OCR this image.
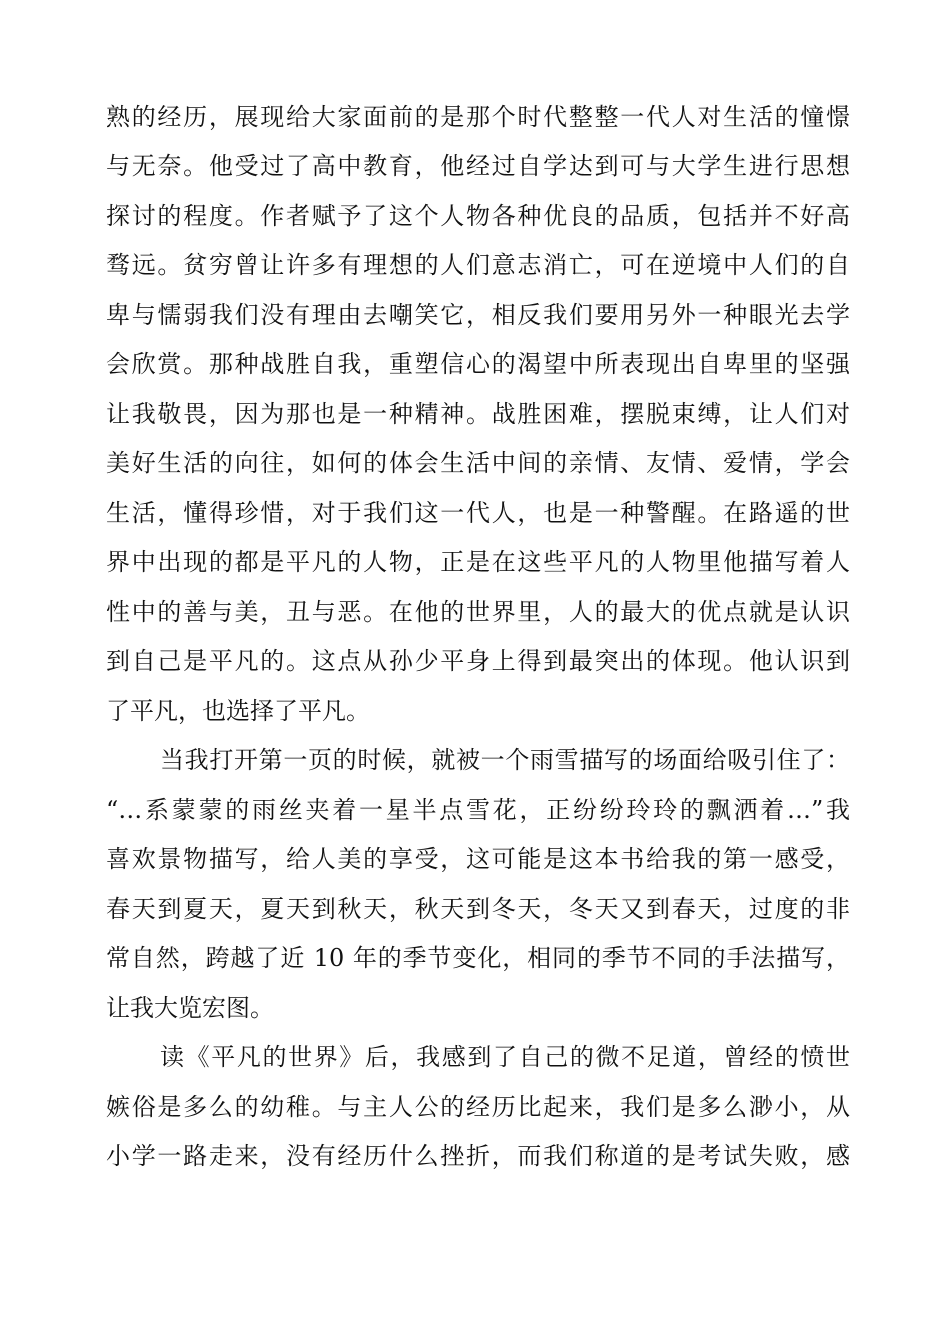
熟的经历，展现给大家面前的是那个时代整整一代人对生活的憧憬
与无奈。他受过了高中教育，他经过自学达到可与大学生进行思想
探讨的程度。作者赋予了这个人物各种优良的品质，包括并不好高
骛远。贫穷曾让许多有理想的人们意志消亡，可在逆境中人们的自
卑与懦弱我们没有理由去嘲笑它，相反我们要用另外一种眼光去学
会欣赏。那种战胜自我，重塑信心的渴望中所表现出自卑里的坚强
让我敬畏，因为那也是一种精神。战胜困难，摆脱束缚，让人们对
美好生活的向往，如何的体会生活中间的亲情、友情、爱情，学会
生活，懂得珍惜，对于我们这一代人，也是一种警醒。在路遥的世
界中出现的都是平凡的人物，正是在这些平凡的人物里他描写着人
性中的善与美，丑与恶。在他的世界里，人的最大的优点就是认识
到自己是平凡的。这点从孙少平身上得到最突出的体现。他认识到
了平凡，也选择了平凡。
当我打开第一页的时候，就被一个雨雪描写的场面给吸引住了：
“…系蒙蒙的雨丝夹着一星半点雪花，正纷纷玲玲的飘洒着…”我
喜欢景物描写，给人美的享受，这可能是这本书给我的第一感受，
春天到夏天，夏天到秋天，秋天到冬天，冬天又到春天，过度的非
常自然，跨越了近 10 年的季节变化，相同的季节不同的手法描写，
让我大览宏图。
读《平凡的世界》后，我感到了自己的微不足道，曾经的愤世
嫉俗是多么的幼稚。与主人公的经历比起来，我们是多么渺小，从
小学一路走来，没有经历什么挫折，而我们称道的是考试失败，感
